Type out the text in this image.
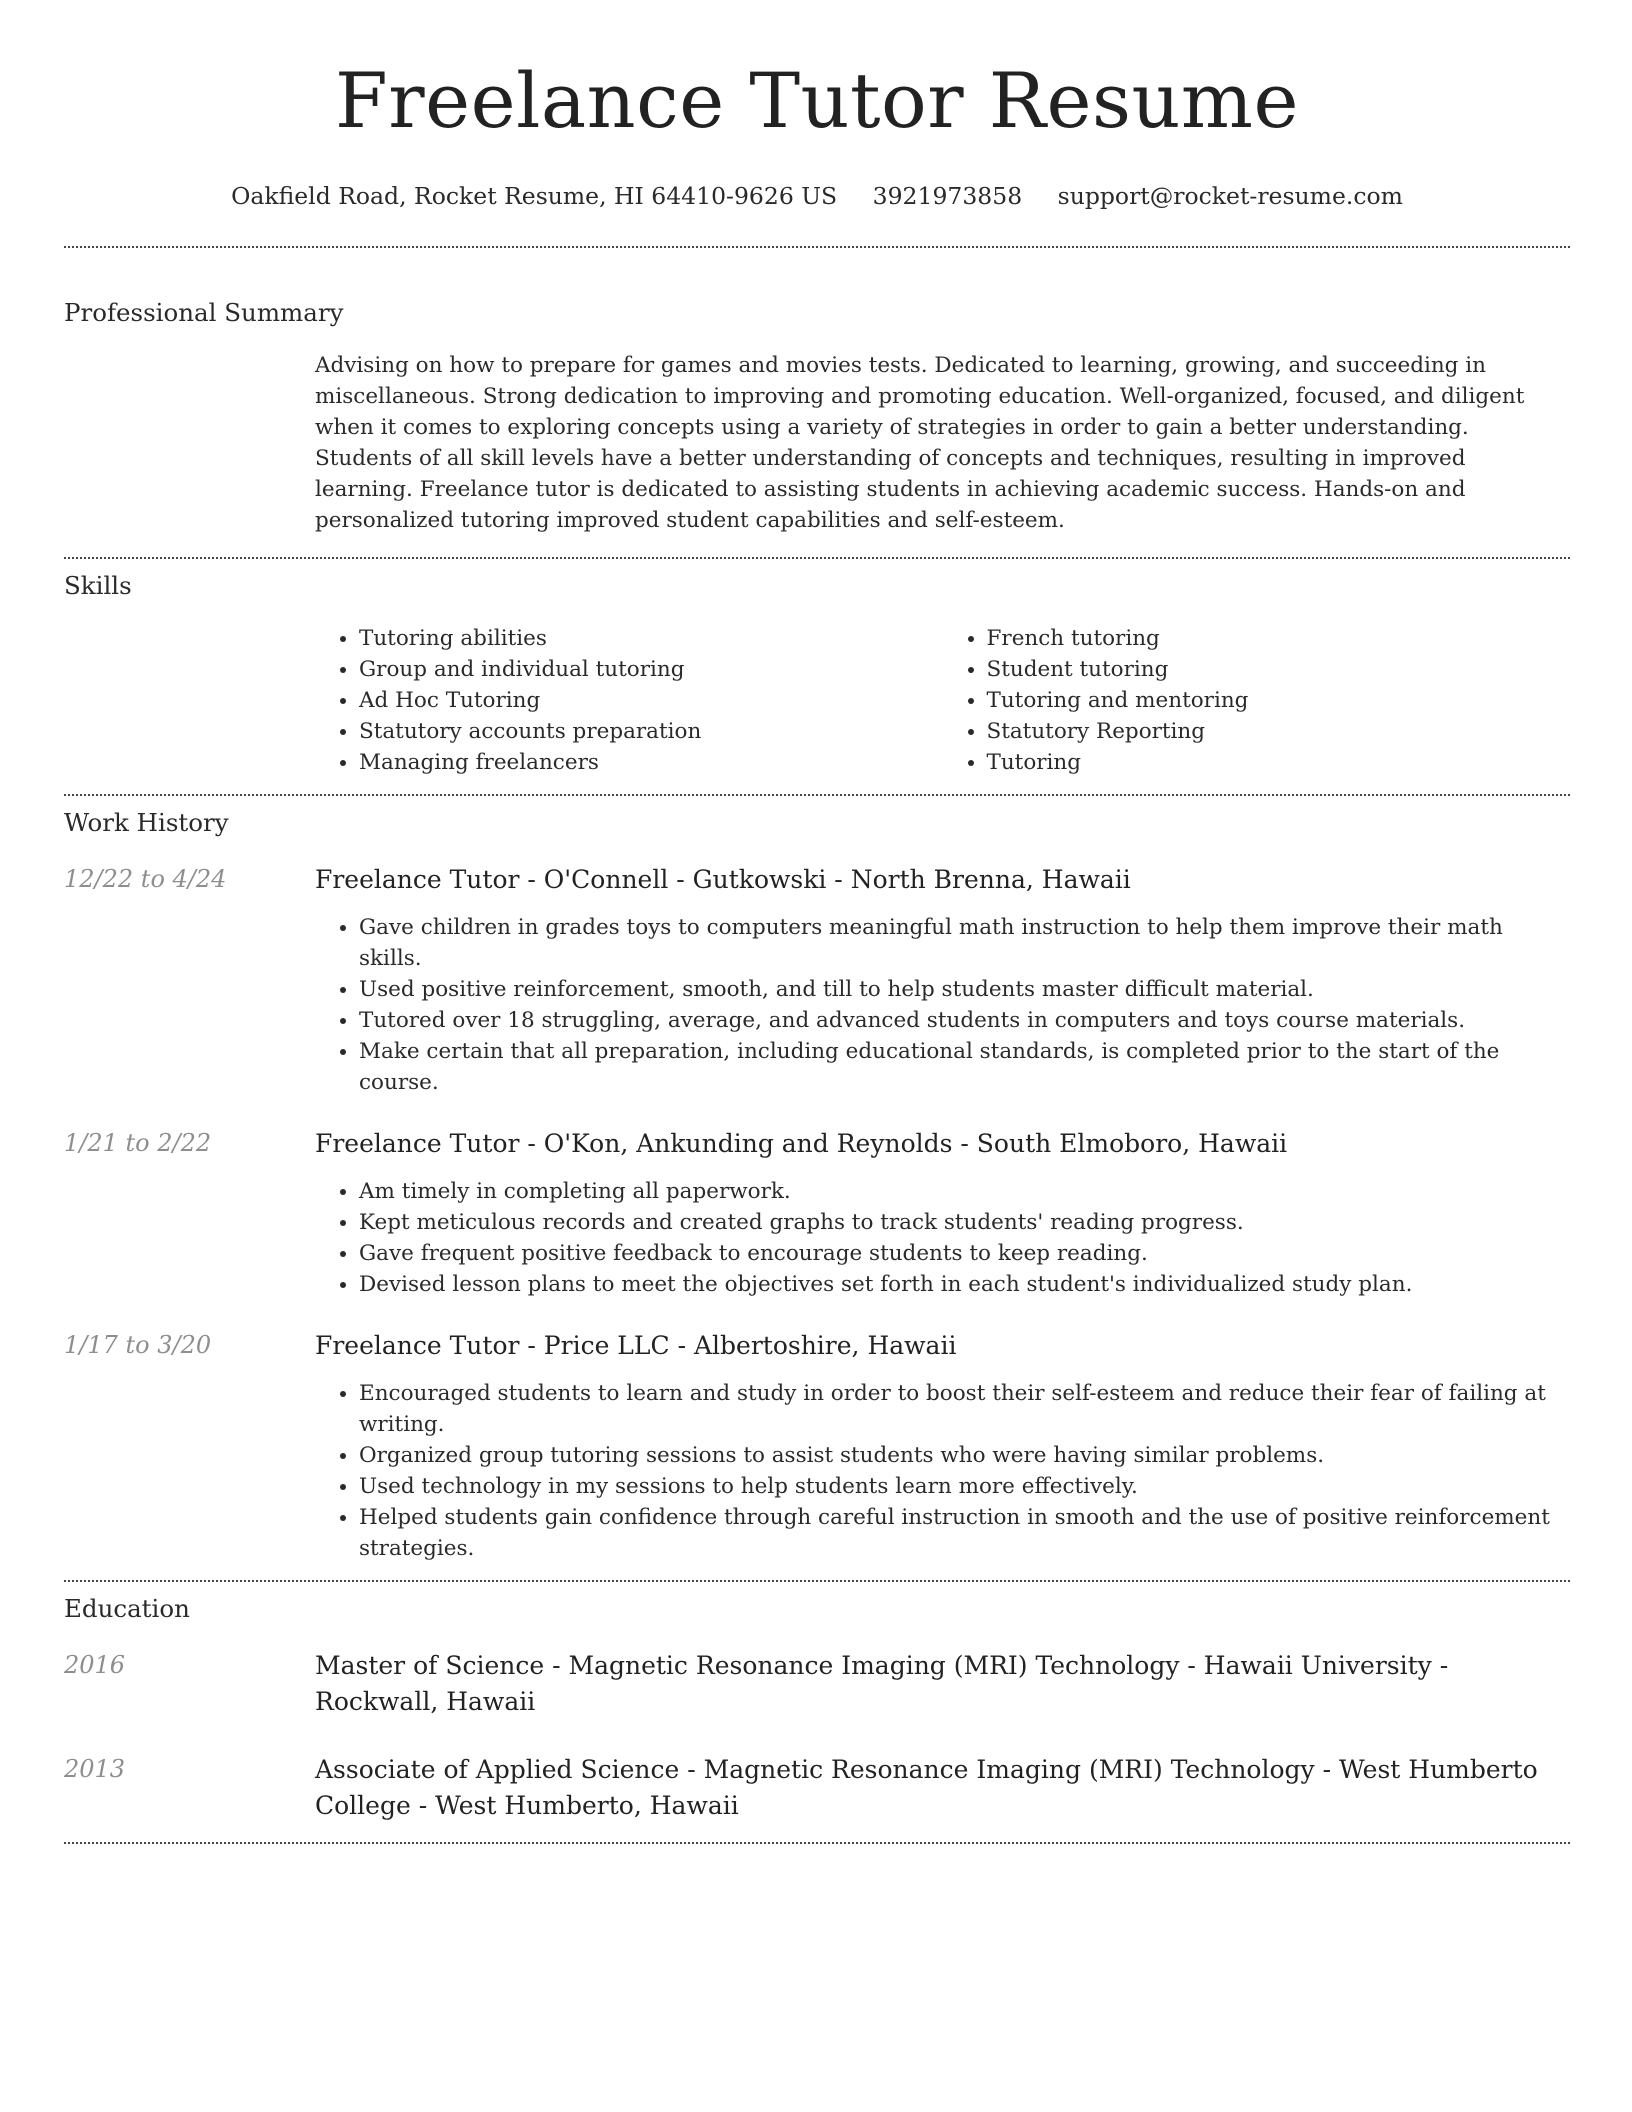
Freelance Tutor Resume
Oakfield Road, Rocket Resume, HI 64410-9626 US 3921973858 support@rocket-resume.com
Professional Summary
Advising on how to prepare for games and movies tests. Dedicated to learning, growing, and succeeding in miscellaneous. Strong dedication to improving and promoting education. Well-organized, focused, and diligent when it comes to exploring concepts using a variety of strategies in order to gain a better understanding. Students of all skill levels have a better understanding of concepts and techniques, resulting in improved learning. Freelance tutor is dedicated to assisting students in achieving academic success. Hands-on and personalized tutoring improved student capabilities and self-esteem.
Skills
• Tutoring abilities
• Group and individual tutoring
• Ad Hoc Tutoring
• Statutory accounts preparation
• Managing freelancers
• French tutoring
• Student tutoring
• Tutoring and mentoring
• Statutory Reporting
• Tutoring
Work History
12/22 to 4/24	Freelance Tutor - O'Connell - Gutkowski - North Brenna, Hawaii
• Gave children in grades toys to computers meaningful math instruction to help them improve their math skills.
• Used positive reinforcement, smooth, and till to help students master difficult material.
• Tutored over 18 struggling, average, and advanced students in computers and toys course materials.
• Make certain that all preparation, including educational standards, is completed prior to the start of the course.
1/21 to 2/22	Freelance Tutor - O'Kon, Ankunding and Reynolds - South Elmoboro, Hawaii
• Am timely in completing all paperwork.
• Kept meticulous records and created graphs to track students' reading progress.
• Gave frequent positive feedback to encourage students to keep reading.
• Devised lesson plans to meet the objectives set forth in each student's individualized study plan.
1/17 to 3/20	Freelance Tutor - Price LLC - Albertoshire, Hawaii
• Encouraged students to learn and study in order to boost their self-esteem and reduce their fear of failing at writing.
• Organized group tutoring sessions to assist students who were having similar problems.
• Used technology in my sessions to help students learn more effectively.
• Helped students gain confidence through careful instruction in smooth and the use of positive reinforcement strategies.
Education
2016	Master of Science - Magnetic Resonance Imaging (MRI) Technology - Hawaii University - Rockwall, Hawaii
2013	Associate of Applied Science - Magnetic Resonance Imaging (MRI) Technology - West Humberto College - West Humberto, Hawaii
